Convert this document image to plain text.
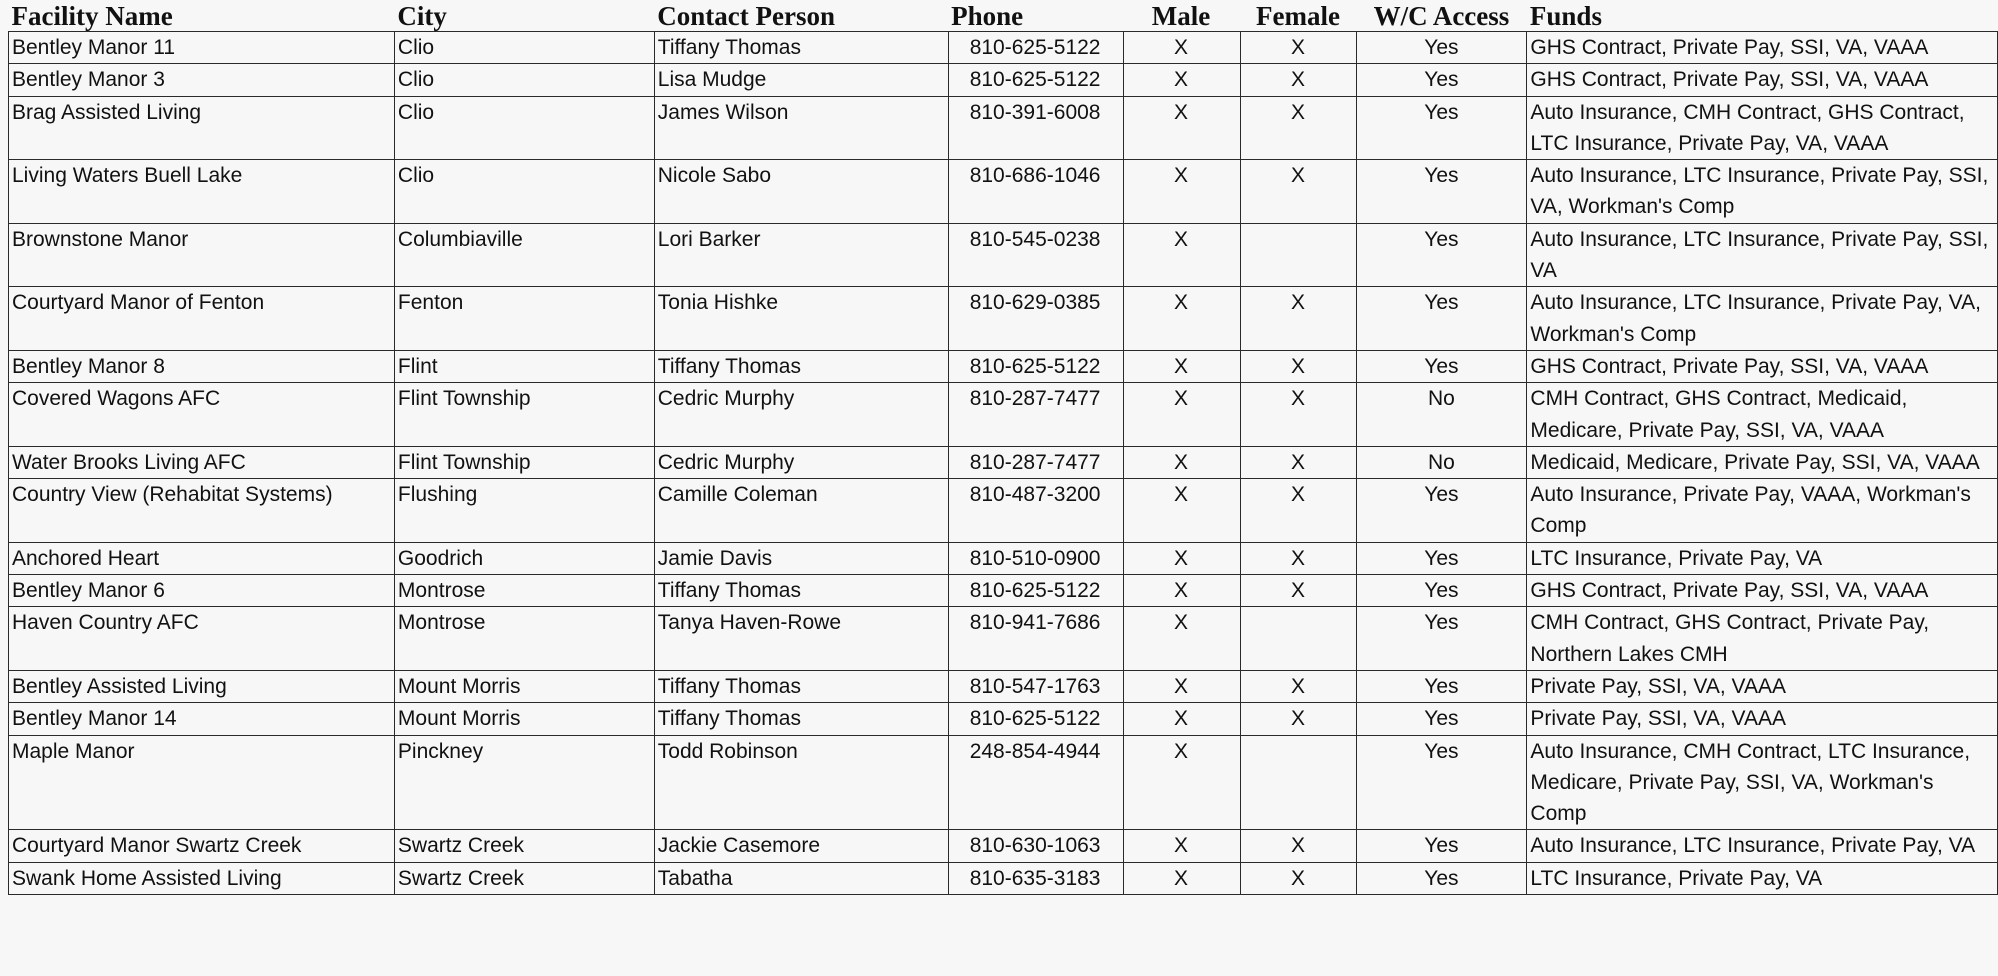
Facility Name	City	Contact Person	Phone	Male	Female	W/C Access	Funds
Bentley Manor 11	Clio	Tiffany Thomas	810-625-5122	X	X	Yes	GHS Contract, Private Pay, SSI, VA, VAAA
Bentley Manor 3	Clio	Lisa Mudge	810-625-5122	X	X	Yes	GHS Contract, Private Pay, SSI, VA, VAAA
Brag Assisted Living	Clio	James Wilson	810-391-6008	X	X	Yes	Auto Insurance, CMH Contract, GHS Contract, LTC Insurance, Private Pay, VA, VAAA
Living Waters Buell Lake	Clio	Nicole Sabo	810-686-1046	X	X	Yes	Auto Insurance, LTC Insurance, Private Pay, SSI, VA, Workman's Comp
Brownstone Manor	Columbiaville	Lori Barker	810-545-0238	X		Yes	Auto Insurance, LTC Insurance, Private Pay, SSI, VA
Courtyard Manor of Fenton	Fenton	Tonia Hishke	810-629-0385	X	X	Yes	Auto Insurance, LTC Insurance, Private Pay, VA, Workman's Comp
Bentley Manor 8	Flint	Tiffany Thomas	810-625-5122	X	X	Yes	GHS Contract, Private Pay, SSI, VA, VAAA
Covered Wagons AFC	Flint Township	Cedric Murphy	810-287-7477	X	X	No	CMH Contract, GHS Contract, Medicaid, Medicare, Private Pay, SSI, VA, VAAA
Water Brooks Living AFC	Flint Township	Cedric Murphy	810-287-7477	X	X	No	Medicaid, Medicare, Private Pay, SSI, VA, VAAA
Country View (Rehabitat Systems)	Flushing	Camille Coleman	810-487-3200	X	X	Yes	Auto Insurance, Private Pay, VAAA, Workman's Comp
Anchored Heart	Goodrich	Jamie Davis	810-510-0900	X	X	Yes	LTC Insurance, Private Pay, VA
Bentley Manor 6	Montrose	Tiffany Thomas	810-625-5122	X	X	Yes	GHS Contract, Private Pay, SSI, VA, VAAA
Haven Country AFC	Montrose	Tanya Haven-Rowe	810-941-7686	X		Yes	CMH Contract, GHS Contract, Private Pay, Northern Lakes CMH
Bentley Assisted Living	Mount Morris	Tiffany Thomas	810-547-1763	X	X	Yes	Private Pay, SSI, VA, VAAA
Bentley Manor 14	Mount Morris	Tiffany Thomas	810-625-5122	X	X	Yes	Private Pay, SSI, VA, VAAA
Maple Manor	Pinckney	Todd Robinson	248-854-4944	X		Yes	Auto Insurance, CMH Contract, LTC Insurance, Medicare, Private Pay, SSI, VA, Workman's Comp
Courtyard Manor Swartz Creek	Swartz Creek	Jackie Casemore	810-630-1063	X	X	Yes	Auto Insurance, LTC Insurance, Private Pay, VA
Swank Home Assisted Living	Swartz Creek	Tabatha	810-635-3183	X	X	Yes	LTC Insurance, Private Pay, VA
